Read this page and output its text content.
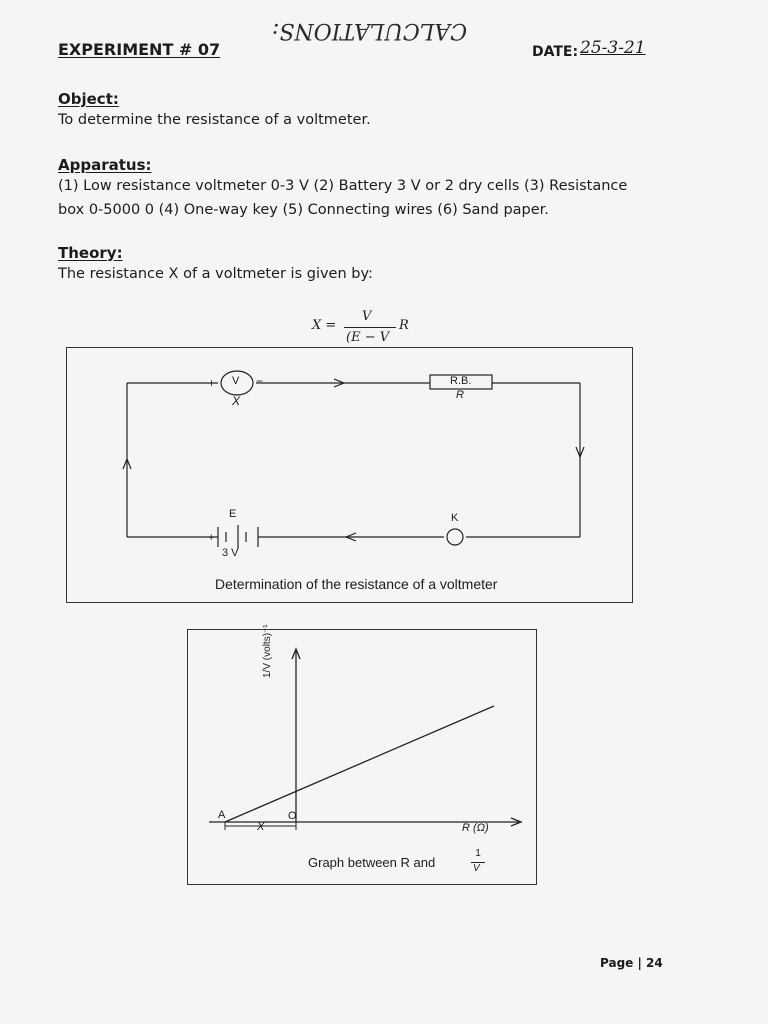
EXPERIMENT # 07
CALCULATIONS:
DATE: 25-3-21
Object:
To determine the resistance of a voltmeter.
Apparatus:
(1) Low resistance voltmeter 0-3 V (2) Battery 3 V or 2 dry cells (3) Resistance
box 0-5000 0 (4) One-way key (5) Connecting wires (6) Sand paper.
Theory:
The resistance X of a voltmeter is given by:
X =
V
(E − V
R
V
+	−
X
R.B.
R
E
+
3 V
K
Determination of the resistance of a voltmeter
1/V (volts)⁻¹
O
A
X	R (Ω)
Graph between R and
1
V
Page | 24
